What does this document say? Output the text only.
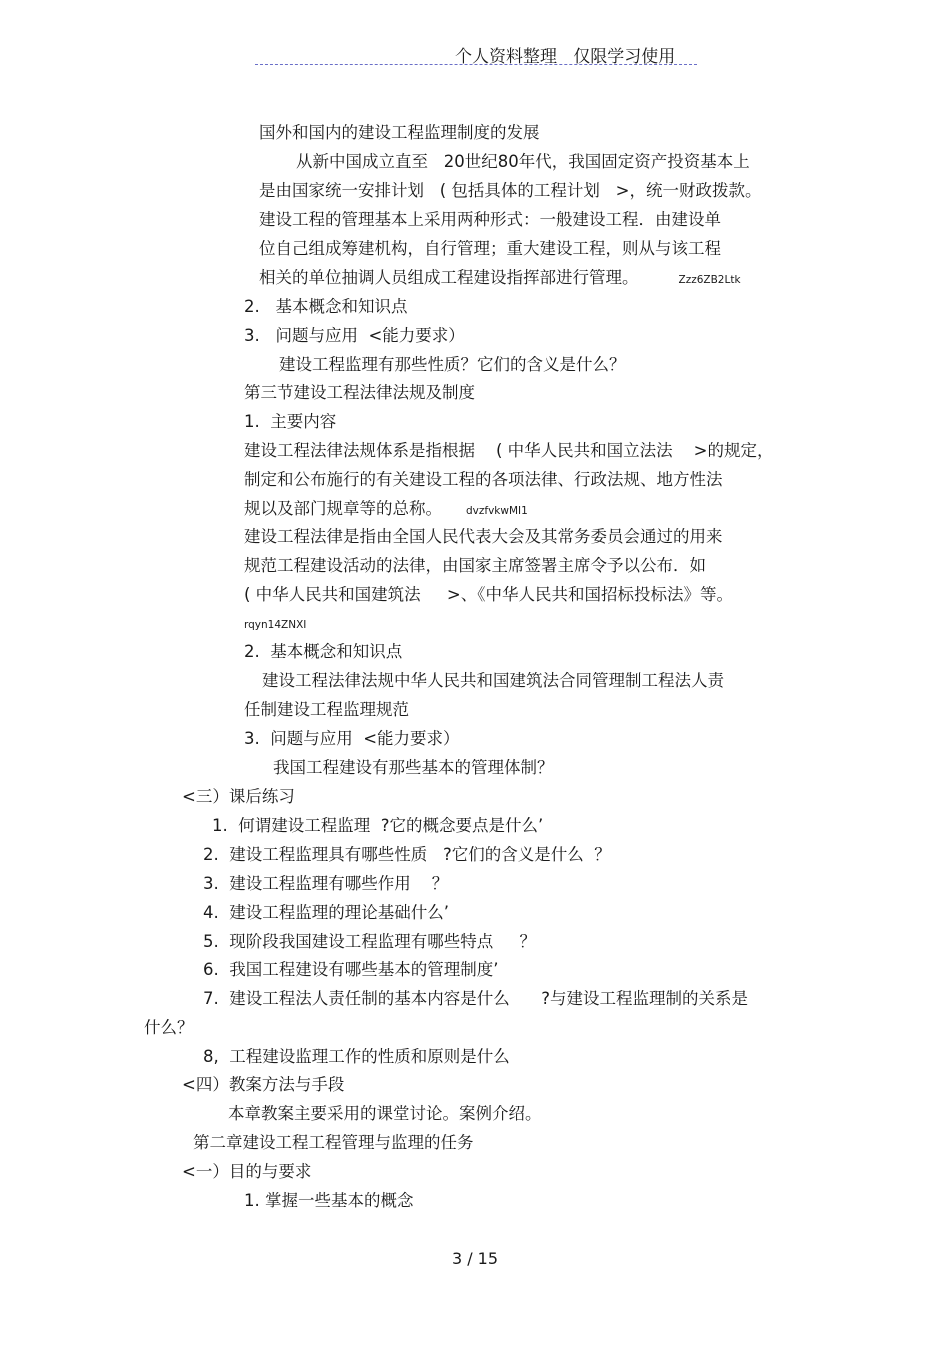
个人资料整理   仅限学习使用
国外和国内的建设工程监理制度的发展
从新中国成立直至   20世纪80年代，我国固定资产投资基本上
是由国家统一安排计划   ( 包括具体的工程计划   >，统一财政拨款。
建设工程的管理基本上采用两种形式：一般建设工程．由建设单
位自己组成筹建机构，自行管理；重大建设工程，则从与该工程
相关的单位抽调人员组成工程建设指挥部进行管理。	Zzz6ZB2Ltk
2.   基本概念和知识点
3.   问题与应用  <能力要求）
建设工程监理有那些性质？它们的含义是什么？
第三节建设工程法律法规及制度
1.  主要内容
建设工程法律法规体系是指根据    ( 中华人民共和国立法法    >的规定，
制定和公布施行的有关建设工程的各项法律、行政法规、地方性法
规以及部门规章等的总称。 dvzfvkwMI1
建设工程法律是指由全国人民代表大会及其常务委员会通过的用来
规范工程建设活动的法律，由国家主席签署主席令予以公布．如
( 中华人民共和国建筑法     >、《中华人民共和国招标投标法》等。
rqyn14ZNXI
2.  基本概念和知识点
建设工程法律法规中华人民共和国建筑法合同管理制工程法人责
任制建设工程监理规范
3.  问题与应用  <能力要求）
我国工程建设有那些基本的管理体制？
<三）课后练习
1.  何谓建设工程监理  ?它的概念要点是什么’
2.  建设工程监理具有哪些性质   ?它们的含义是什么  ？
3.  建设工程监理有哪些作用    ？
4.  建设工程监理的理论基础什么’
5.  现阶段我国建设工程监理有哪些特点     ？
6.  我国工程建设有哪些基本的管理制度’
7.  建设工程法人责任制的基本内容是什么      ?与建设工程监理制的关系是
什么？
8,  工程建设监理工作的性质和原则是什么
<四）教案方法与手段
本章教案主要采用的课堂讨论。案例介绍。
第二章建设工程工程管理与监理的任务
<一）目的与要求
1. 掌握一些基本的概念
3 / 15
